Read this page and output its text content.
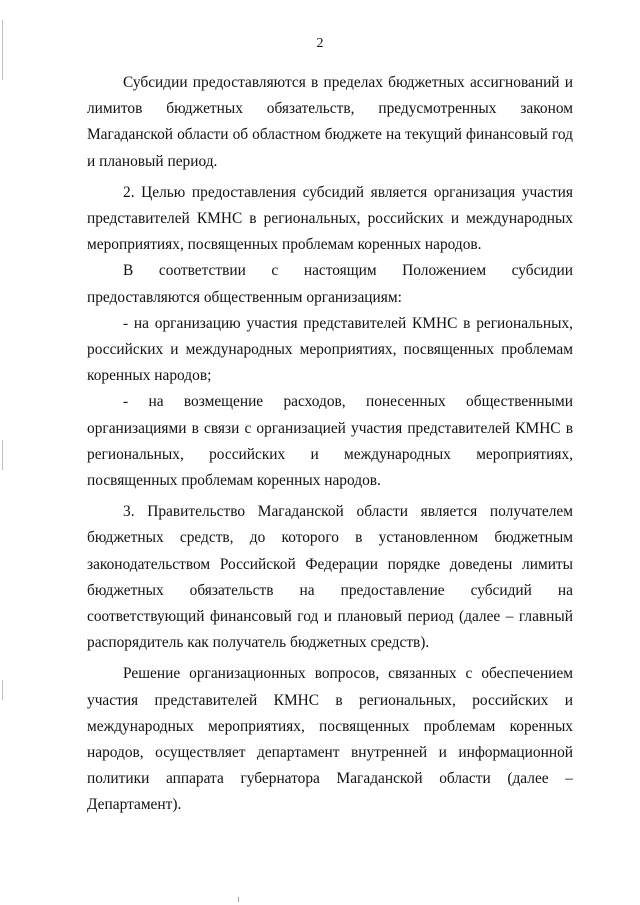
2

Субсидии предоставляются в пределах бюджетных ассигнований и лимитов бюджетных обязательств, предусмотренных законом Магаданской области об областном бюджете на текущий финансовый год и плановый период.

2. Целью предоставления субсидий является организация участия представителей КМНС в региональных, российских и международных мероприятиях, посвященных проблемам коренных народов.

В соответствии с настоящим Положением субсидии предоставляются общественным организациям:

- на организацию участия представителей КМНС в региональных, российских и международных мероприятиях, посвященных проблемам коренных народов;

- на возмещение расходов, понесенных общественными организациями в связи с организацией участия представителей КМНС в региональных, российских и международных мероприятиях, посвященных проблемам коренных народов.

3. Правительство Магаданской области является получателем бюджетных средств, до которого в установленном бюджетным законодательством Российской Федерации порядке доведены лимиты бюджетных обязательств на предоставление субсидий на соответствующий финансовый год и плановый период (далее – главный распорядитель как получатель бюджетных средств).

Решение организационных вопросов, связанных с обеспечением участия представителей КМНС в региональных, российских и международных мероприятиях, посвященных проблемам коренных народов, осуществляет департамент внутренней и информационной политики аппарата губернатора Магаданской области (далее – Департамент).
